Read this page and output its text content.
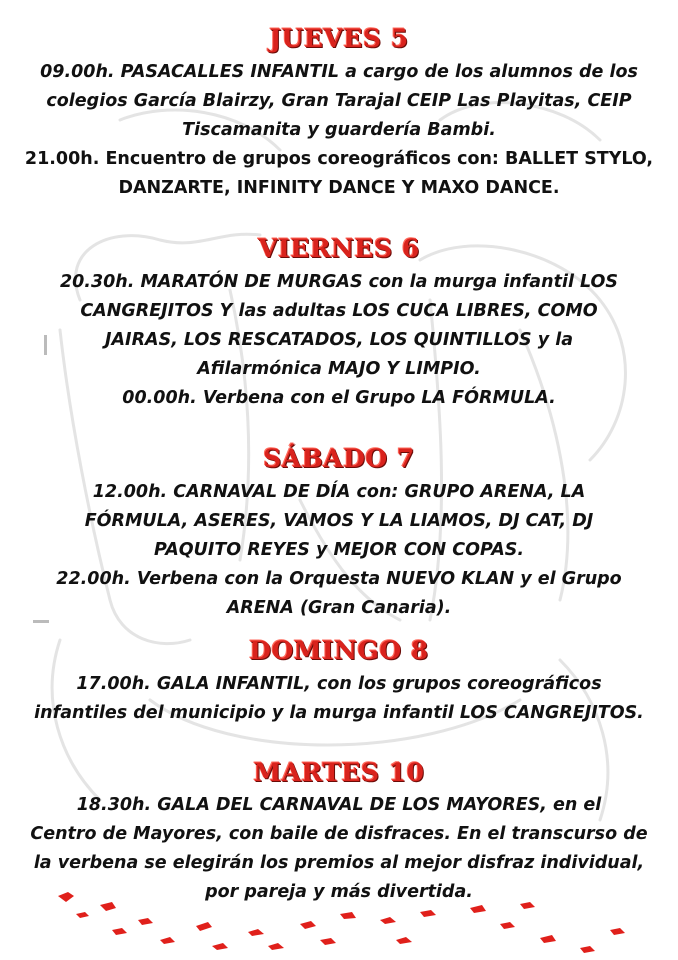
JUEVES 5
09.00h. PASACALLES INFANTIL a cargo de los alumnos de los
colegios García Blairzy, Gran Tarajal CEIP Las Playitas, CEIP
Tiscamanita y guardería Bambi.
21.00h. Encuentro de grupos coreográficos con: BALLET STYLO,
DANZARTE, INFINITY DANCE Y MAXO DANCE.
VIERNES 6
20.30h. MARATÓN DE MURGAS con la murga infantil LOS
CANGREJITOS Y las adultas LOS CUCA LIBRES, COMO
JAIRAS, LOS RESCATADOS, LOS QUINTILLOS y la
Afilarmónica MAJO Y LIMPIO.
00.00h. Verbena con el Grupo LA FÓRMULA.
SÁBADO 7
12.00h. CARNAVAL DE DÍA con: GRUPO ARENA, LA
FÓRMULA, ASERES, VAMOS Y LA LIAMOS, DJ CAT, DJ
PAQUITO REYES y MEJOR CON COPAS.
22.00h. Verbena con la Orquesta NUEVO KLAN y el Grupo
ARENA (Gran Canaria).
DOMINGO 8
17.00h. GALA INFANTIL, con los grupos coreográficos
infantiles del municipio y la murga infantil LOS CANGREJITOS.
MARTES 10
18.30h. GALA DEL CARNAVAL DE LOS MAYORES, en el
Centro de Mayores, con baile de disfraces. En el transcurso de
la verbena se elegirán los premios al mejor disfraz individual,
por pareja y más divertida.
